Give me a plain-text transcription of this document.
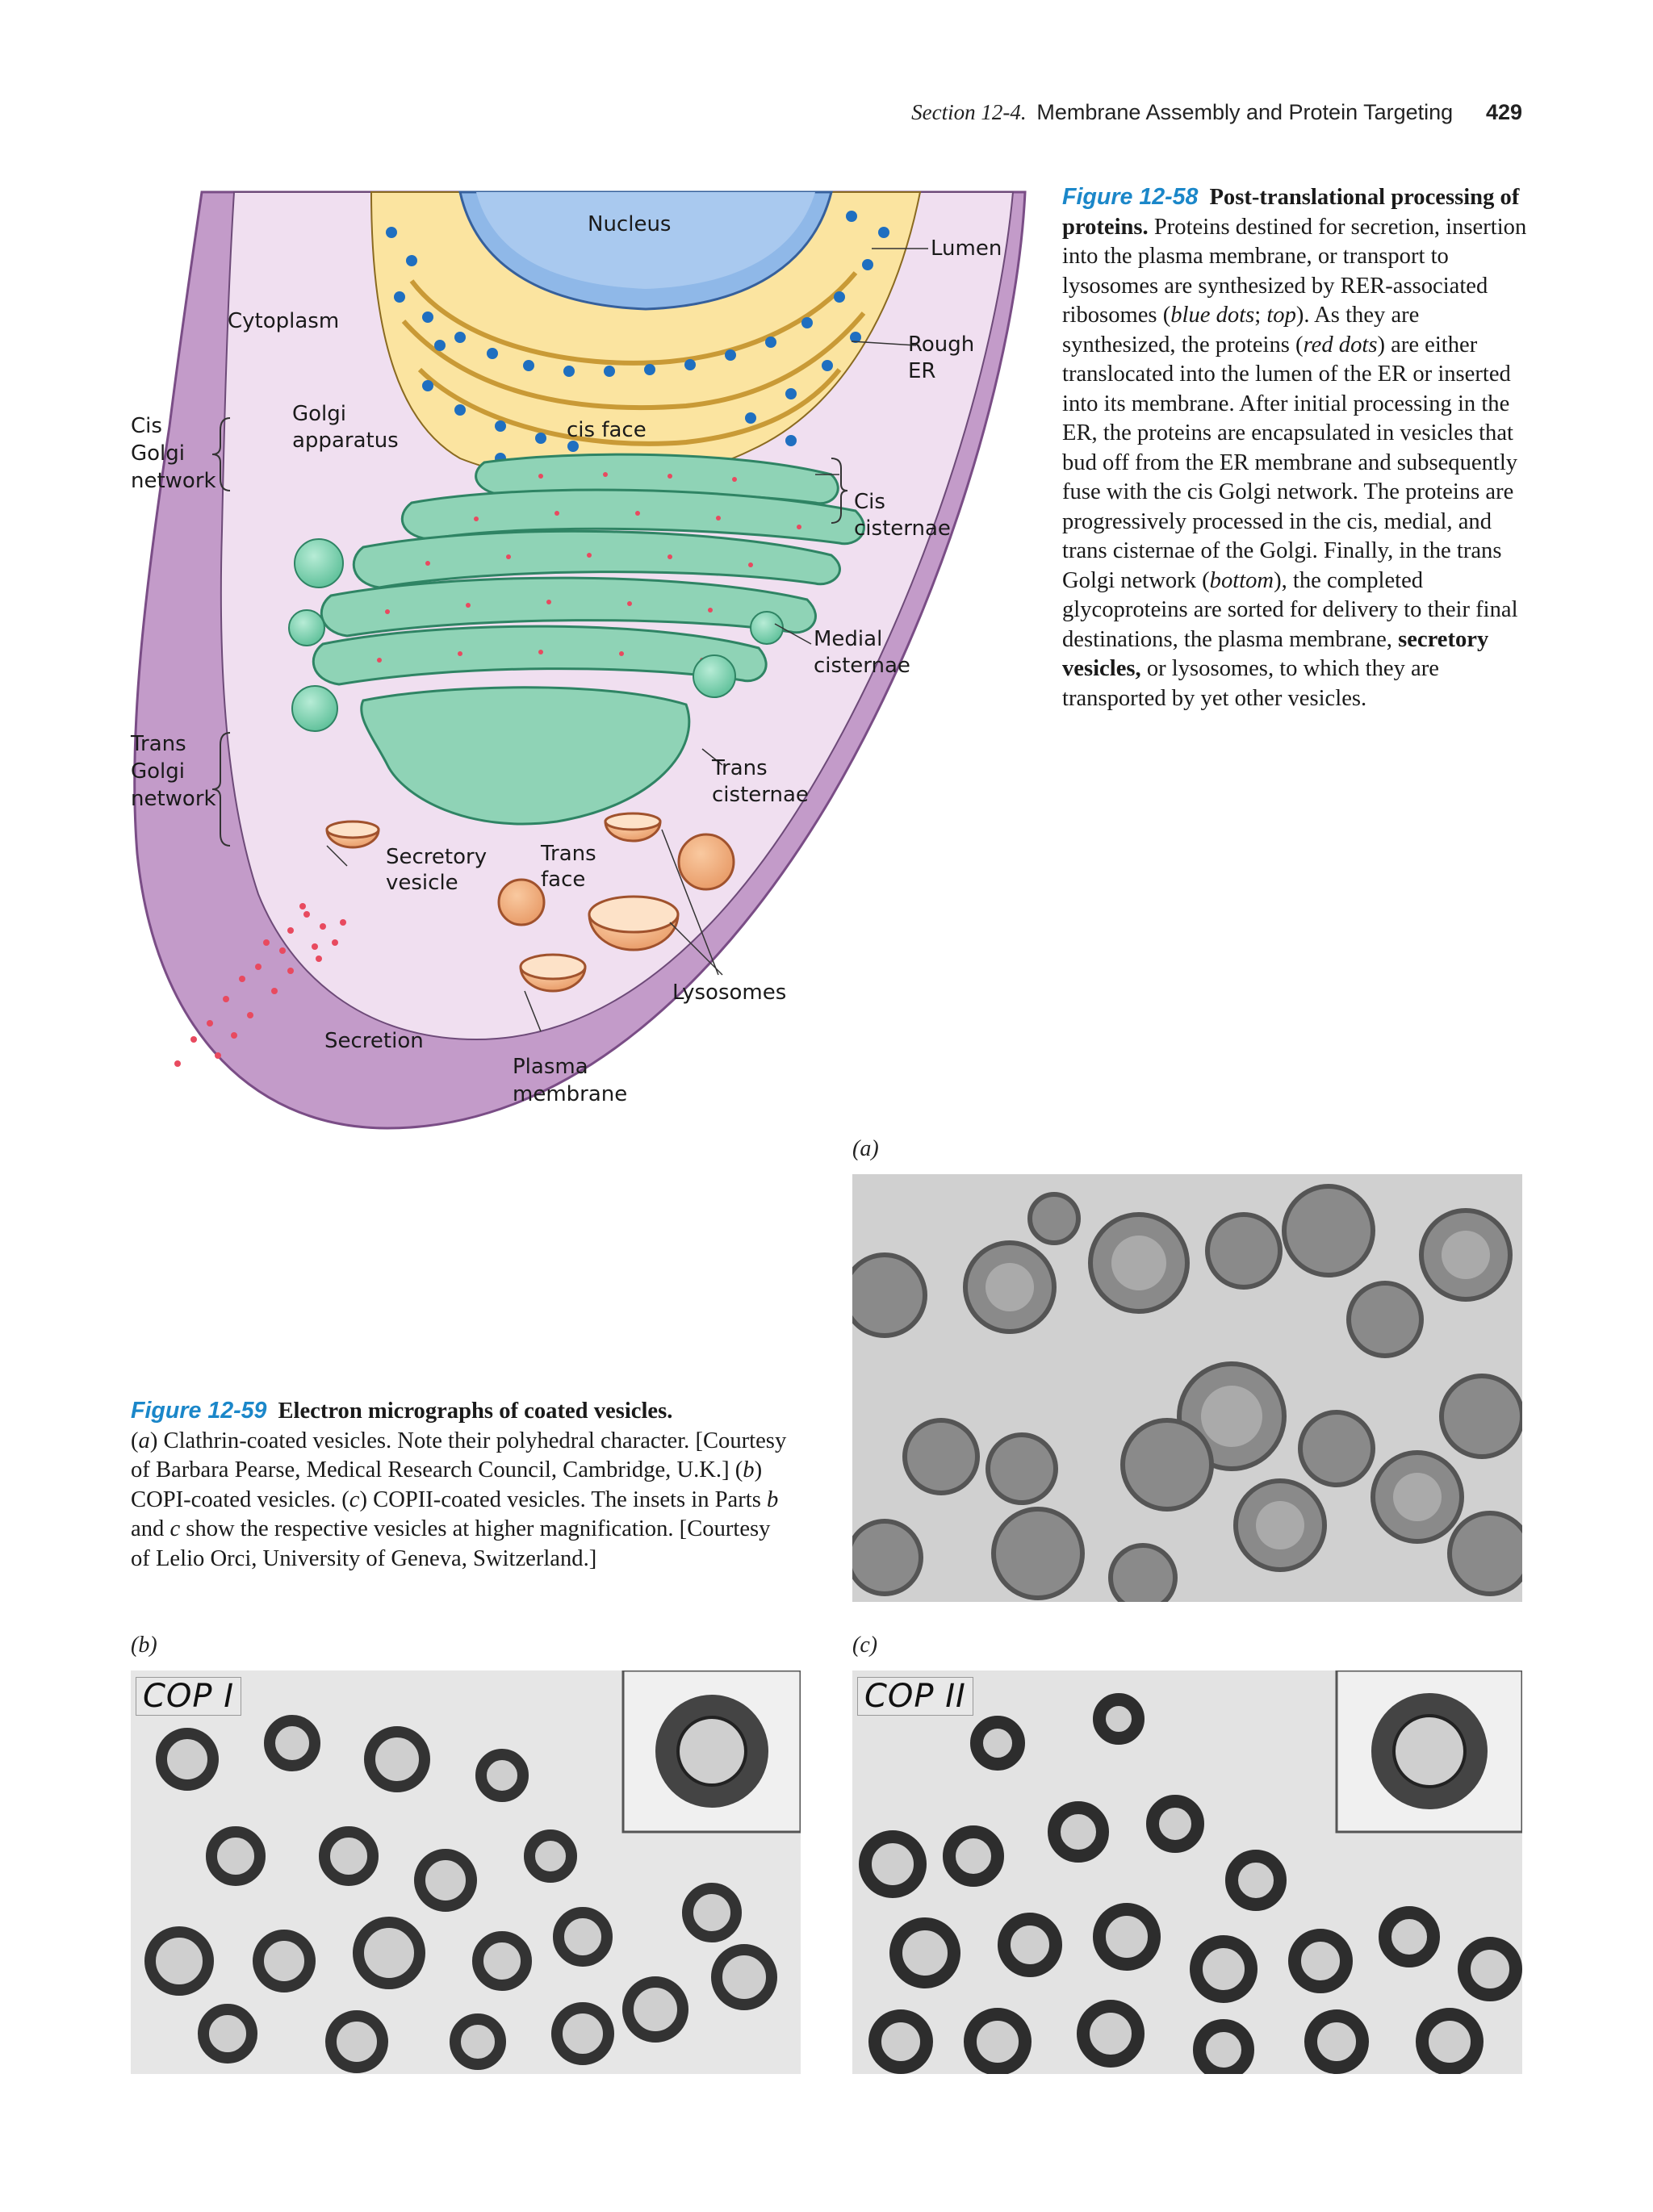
Section 12-4. Membrane Assembly and Protein Targeting 429
Nucleus
Lumen
Cytoplasm
Rough
ER
Cis
Golgi
network
Golgi
apparatus	cis face
Cis
cisternae
Medial
cisternae
Trans
Golgi
network
Trans
cisternae
Secretory
vesicle
Trans
face
Lysosomes
Secretion
Plasma
membrane
Figure 12-58 Post-translational processing of proteins. Proteins destined for secretion, insertion into the plasma membrane, or transport to lysosomes are synthesized by RER-associated ribosomes (blue dots; top). As they are synthesized, the proteins (red dots) are either translocated into the lumen of the ER or inserted into its membrane. After initial processing in the ER, the proteins are encapsulated in vesicles that bud off from the ER membrane and subsequently fuse with the cis Golgi network. The proteins are progressively processed in the cis, medial, and trans cisternae of the Golgi. Finally, in the trans Golgi network (bottom), the completed glycoproteins are sorted for delivery to their final destinations, the plasma membrane, secretory vesicles, or lysosomes, to which they are transported by yet other vesicles.
(a)
Figure 12-59 Electron micrographs of coated vesicles.
(a) Clathrin-coated vesicles. Note their polyhedral character. [Courtesy of Barbara Pearse, Medical Research Council, Cambridge, U.K.] (b) COPI-coated vesicles. (c) COPII-coated vesicles. The insets in Parts b and c show the respective vesicles at higher magnification. [Courtesy of Lelio Orci, University of Geneva, Switzerland.]
(b)
COP I
(c)
COP II
